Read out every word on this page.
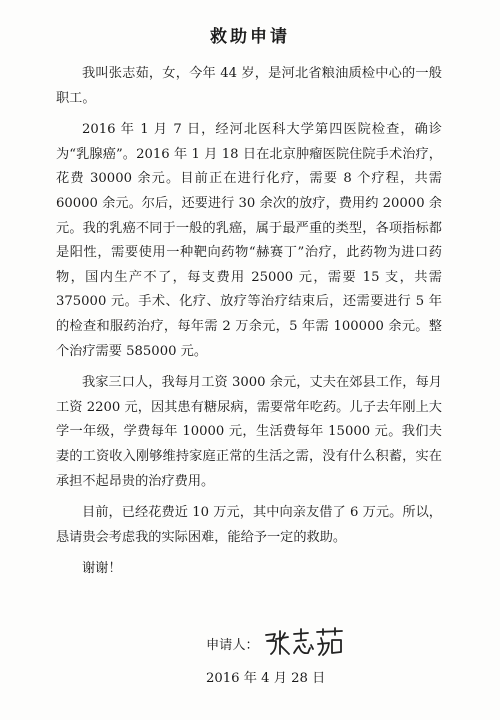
救助申请

我叫张志茹，女，今年 44 岁，是河北省粮油质检中心的一般职工。

2016 年 1 月 7 日，经河北医科大学第四医院检查，确诊为“乳腺癌”。2016 年 1 月 18 日在北京肿瘤医院住院手术治疗，花费 30000 余元。目前正在进行化疗，需要 8 个疗程，共需 60000 余元。尔后，还要进行 30 余次的放疗，费用约 20000 余元。我的乳癌不同于一般的乳癌，属于最严重的类型，各项指标都是阳性，需要使用一种靶向药物“赫赛丁”治疗，此药物为进口药物，国内生产不了，每支费用 25000 元，需要 15 支，共需 375000 元。手术、化疗、放疗等治疗结束后，还需要进行 5 年的检查和服药治疗，每年需 2 万余元，5 年需 100000 余元。整个治疗需要 585000 元。

我家三口人，我每月工资 3000 余元，丈夫在郊县工作，每月工资 2200 元，因其患有糖尿病，需要常年吃药。儿子去年刚上大学一年级，学费每年 10000 元，生活费每年 15000 元。我们夫妻的工资收入刚够维持家庭正常的生活之需，没有什么积蓄，实在承担不起昂贵的治疗费用。

目前，已经花费近 10 万元，其中向亲友借了 6 万元。所以，恳请贵会考虑我的实际困难，能给予一定的救助。

谢谢！

申请人：
2016 年 4 月 28 日
